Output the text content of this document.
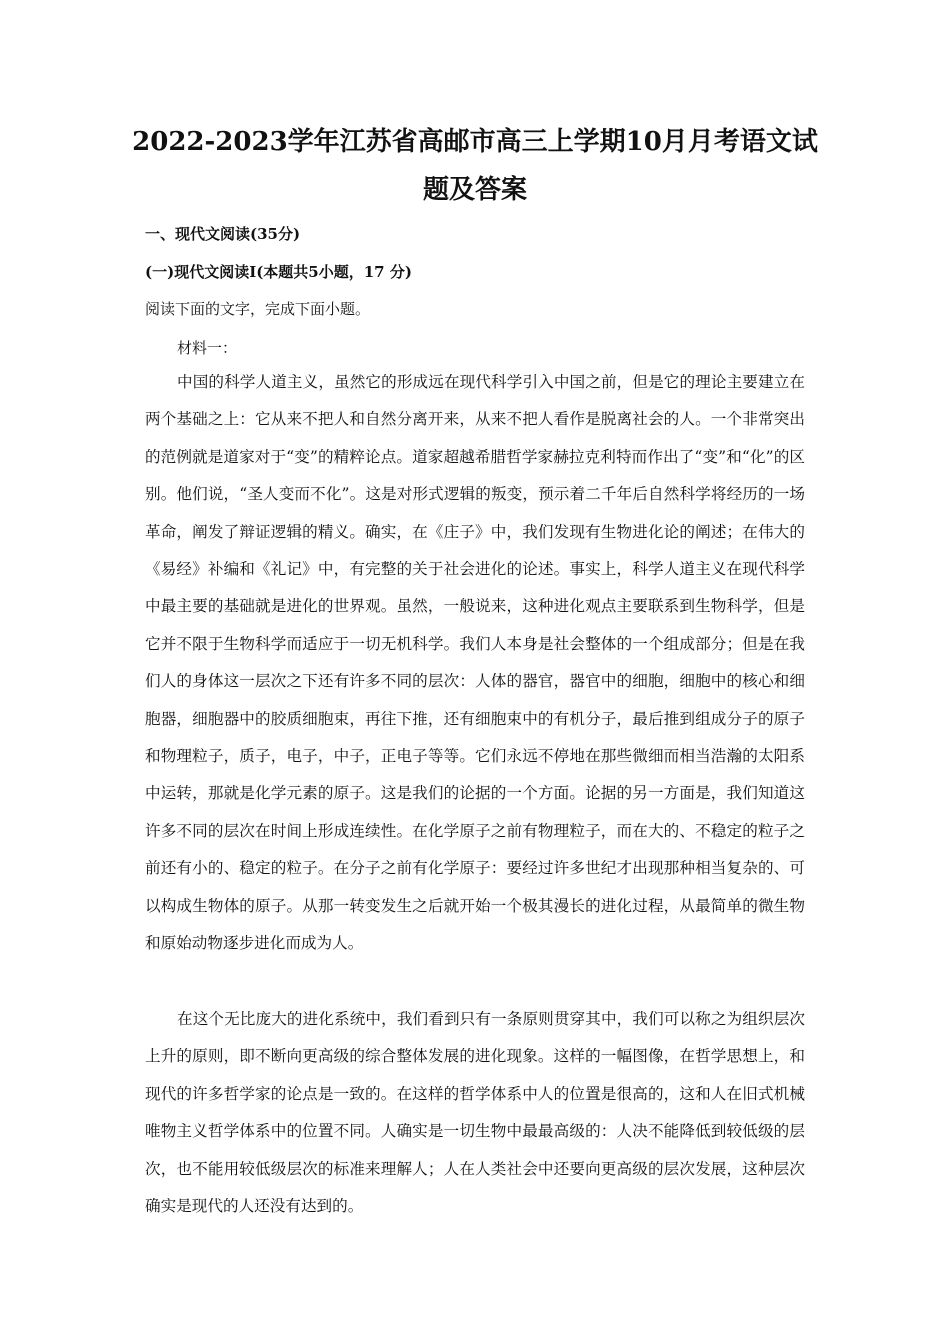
2022-2023学年江苏省高邮市高三上学期10月月考语文试题及答案
一、现代文阅读(35分)
(一)现代文阅读Ⅰ(本题共5小题，17 分)
阅读下面的文字，完成下面小题。
材料一：

中国的科学人道主义，虽然它的形成远在现代科学引入中国之前，但是它的理论主要建立在两个基础之上：它从来不把人和自然分离开来，从来不把人看作是脱离社会的人。一个非常突出的范例就是道家对于“变”的精粹论点。道家超越希腊哲学家赫拉克利特而作出了“变”和“化”的区别。他们说，“圣人变而不化”。这是对形式逻辑的叛变，预示着二千年后自然科学将经历的一场革命，阐发了辩证逻辑的精义。确实，在《庄子》中，我们发现有生物进化论的阐述；在伟大的《易经》补编和《礼记》中，有完整的关于社会进化的论述。事实上，科学人道主义在现代科学中最主要的基础就是进化的世界观。虽然，一般说来，这种进化观点主要联系到生物科学，但是它并不限于生物科学而适应于一切无机科学。我们人本身是社会整体的一个组成部分；但是在我们人的身体这一层次之下还有许多不同的层次：人体的器官，器官中的细胞，细胞中的核心和细胞器，细胞器中的胶质细胞束，再往下推，还有细胞束中的有机分子，最后推到组成分子的原子和物理粒子，质子，电子，中子，正电子等等。它们永远不停地在那些微细而相当浩瀚的太阳系中运转，那就是化学元素的原子。这是我们的论据的一个方面。论据的另一方面是，我们知道这许多不同的层次在时间上形成连续性。在化学原子之前有物理粒子，而在大的、不稳定的粒子之前还有小的、稳定的粒子。在分子之前有化学原子：要经过许多世纪才出现那种相当复杂的、可以构成生物体的原子。从那一转变发生之后就开始一个极其漫长的进化过程，从最简单的微生物和原始动物逐步进化而成为人。

在这个无比庞大的进化系统中，我们看到只有一条原则贯穿其中，我们可以称之为组织层次上升的原则，即不断向更高级的综合整体发展的进化现象。这样的一幅图像，在哲学思想上，和现代的许多哲学家的论点是一致的。在这样的哲学体系中人的位置是很高的，这和人在旧式机械唯物主义哲学体系中的位置不同。人确实是一切生物中最最高级的：人决不能降低到较低级的层次，也不能用较低级层次的标准来理解人；人在人类社会中还要向更高级的层次发展，这种层次确实是现代的人还没有达到的。
